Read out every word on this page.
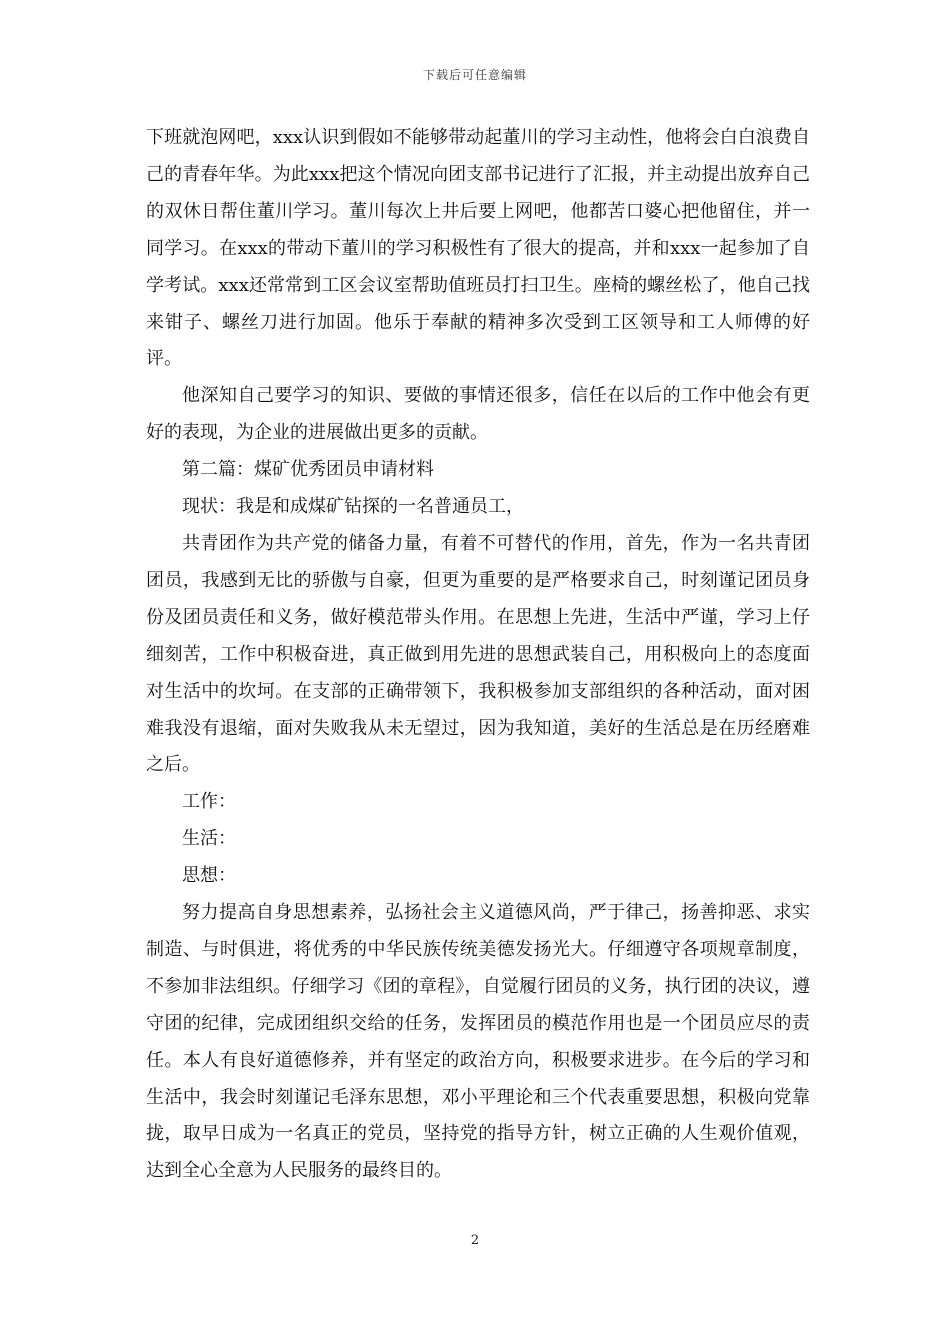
下载后可任意编辑

下班就泡网吧，xxx认识到假如不能够带动起董川的学习主动性，他将会白白浪费自己的青春年华。为此xxx把这个情况向团支部书记进行了汇报，并主动提出放弃自己的双休日帮住董川学习。董川每次上井后要上网吧，他都苦口婆心把他留住，并一同学习。在xxx的带动下董川的学习积极性有了很大的提高，并和xxx一起参加了自学考试。xxx还常常到工区会议室帮助值班员打扫卫生。座椅的螺丝松了，他自己找来钳子、螺丝刀进行加固。他乐于奉献的精神多次受到工区领导和工人师傅的好评。

他深知自己要学习的知识、要做的事情还很多，信任在以后的工作中他会有更好的表现，为企业的进展做出更多的贡献。

第二篇：煤矿优秀团员申请材料

现状：我是和成煤矿钻探的一名普通员工，

共青团作为共产党的储备力量，有着不可替代的作用，首先，作为一名共青团团员，我感到无比的骄傲与自豪，但更为重要的是严格要求自己，时刻谨记团员身份及团员责任和义务，做好模范带头作用。在思想上先进，生活中严谨，学习上仔细刻苦，工作中积极奋进，真正做到用先进的思想武装自己，用积极向上的态度面对生活中的坎坷。在支部的正确带领下，我积极参加支部组织的各种活动，面对困难我没有退缩，面对失败我从未无望过，因为我知道，美好的生活总是在历经磨难之后。

工作：

生活：

思想：

努力提高自身思想素养，弘扬社会主义道德风尚，严于律己，扬善抑恶、求实制造、与时俱进，将优秀的中华民族传统美德发扬光大。仔细遵守各项规章制度，不参加非法组织。仔细学习《团的章程》，自觉履行团员的义务，执行团的决议，遵守团的纪律，完成团组织交给的任务，发挥团员的模范作用也是一个团员应尽的责任。本人有良好道德修养，并有坚定的政治方向，积极要求进步。在今后的学习和生活中，我会时刻谨记毛泽东思想，邓小平理论和三个代表重要思想，积极向党靠拢，取早日成为一名真正的党员，坚持党的指导方针，树立正确的人生观价值观，达到全心全意为人民服务的最终目的。

2
